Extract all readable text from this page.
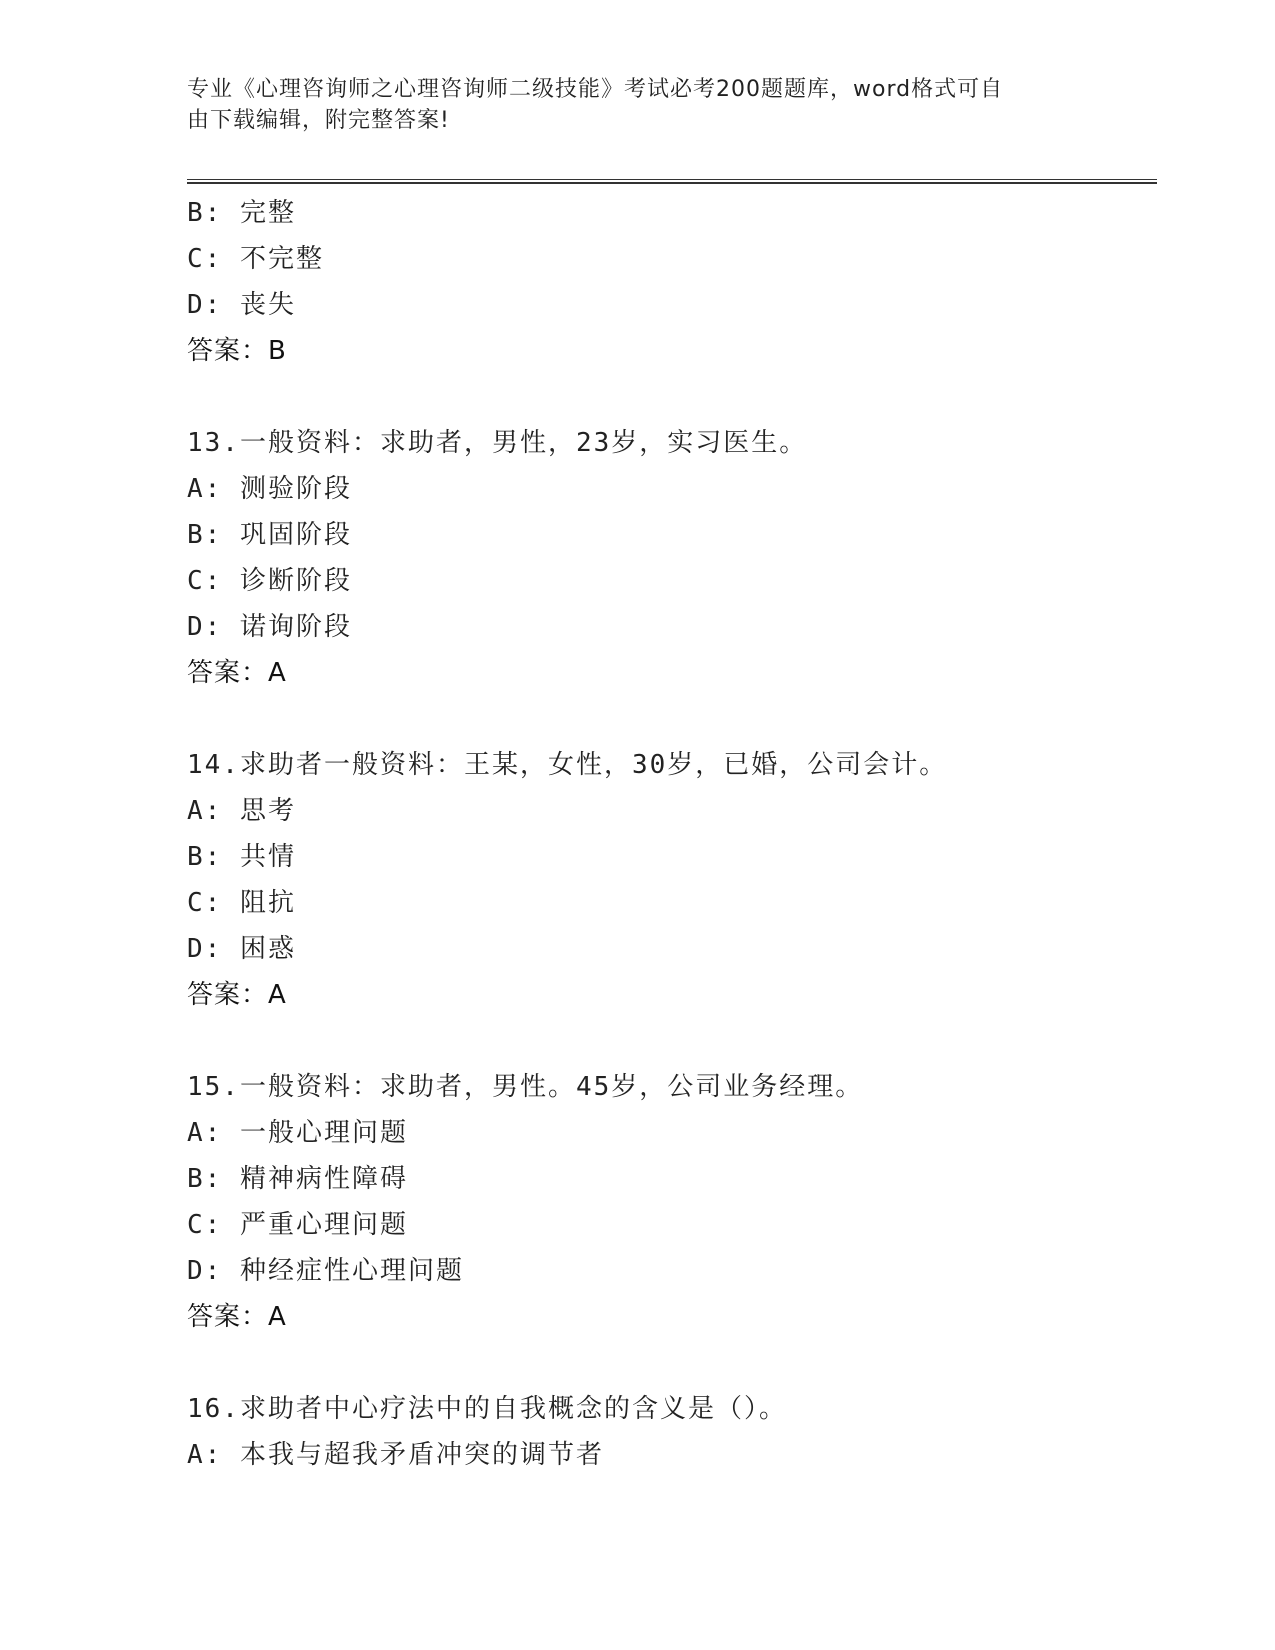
专业《心理咨询师之心理咨询师二级技能》考试必考200题题库，word格式可自
由下载编辑，附完整答案!
B: 完整
C: 不完整
D: 丧失
答案：B
13.一般资料：求助者，男性，23岁，实习医生。
A: 测验阶段
B: 巩固阶段
C: 诊断阶段
D: 诺询阶段
答案：A
14.求助者一般资料：王某，女性，30岁，已婚，公司会计。
A: 思考
B: 共情
C: 阻抗
D: 困惑
答案：A
15.一般资料：求助者，男性。45岁，公司业务经理。
A: 一般心理问题
B: 精神病性障碍
C: 严重心理问题
D: 种经症性心理问题
答案：A
16.求助者中心疗法中的自我概念的含义是（）。
A: 本我与超我矛盾冲突的调节者
